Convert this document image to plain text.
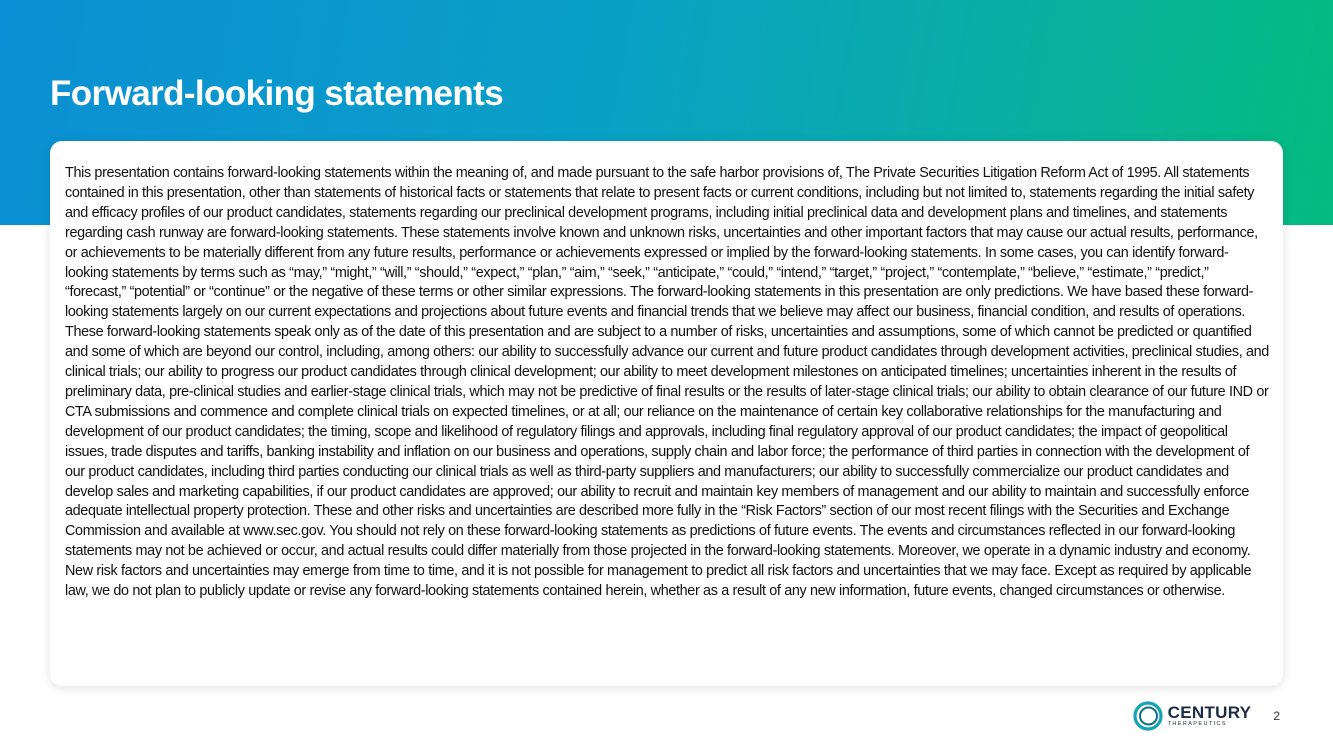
Forward-looking statements

This presentation contains forward-looking statements within the meaning of, and made pursuant to the safe harbor provisions of, The Private Securities Litigation Reform Act of 1995. All statements contained in this presentation, other than statements of historical facts or statements that relate to present facts or current conditions, including but not limited to, statements regarding the initial safety and efficacy profiles of our product candidates, statements regarding our preclinical development programs, including initial preclinical data and development plans and timelines, and statements regarding cash runway are forward-looking statements. These statements involve known and unknown risks, uncertainties and other important factors that may cause our actual results, performance, or achievements to be materially different from any future results, performance or achievements expressed or implied by the forward-looking statements. In some cases, you can identify forward-looking statements by terms such as “may,” “might,” “will,” “should,” “expect,” “plan,” “aim,” “seek,” “anticipate,” “could,” “intend,” “target,” “project,” “contemplate,” “believe,” “estimate,” “predict,” “forecast,” “potential” or “continue” or the negative of these terms or other similar expressions. The forward-looking statements in this presentation are only predictions. We have based these forward-looking statements largely on our current expectations and projections about future events and financial trends that we believe may affect our business, financial condition, and results of operations. These forward-looking statements speak only as of the date of this presentation and are subject to a number of risks, uncertainties and assumptions, some of which cannot be predicted or quantified and some of which are beyond our control, including, among others: our ability to successfully advance our current and future product candidates through development activities, preclinical studies, and clinical trials; our ability to progress our product candidates through clinical development; our ability to meet development milestones on anticipated timelines; uncertainties inherent in the results of preliminary data, pre-clinical studies and earlier-stage clinical trials, which may not be predictive of final results or the results of later-stage clinical trials; our ability to obtain clearance of our future IND or CTA submissions and commence and complete clinical trials on expected timelines, or at all; our reliance on the maintenance of certain key collaborative relationships for the manufacturing and development of our product candidates; the timing, scope and likelihood of regulatory filings and approvals, including final regulatory approval of our product candidates; the impact of geopolitical issues, trade disputes and tariffs, banking instability and inflation on our business and operations, supply chain and labor force; the performance of third parties in connection with the development of our product candidates, including third parties conducting our clinical trials as well as third-party suppliers and manufacturers; our ability to successfully commercialize our product candidates and develop sales and marketing capabilities, if our product candidates are approved; our ability to recruit and maintain key members of management and our ability to maintain and successfully enforce adequate intellectual property protection. These and other risks and uncertainties are described more fully in the “Risk Factors” section of our most recent filings with the Securities and Exchange Commission and available at www.sec.gov. You should not rely on these forward-looking statements as predictions of future events. The events and circumstances reflected in our forward-looking statements may not be achieved or occur, and actual results could differ materially from those projected in the forward-looking statements. Moreover, we operate in a dynamic industry and economy. New risk factors and uncertainties may emerge from time to time, and it is not possible for management to predict all risk factors and uncertainties that we may face. Except as required by applicable law, we do not plan to publicly update or revise any forward-looking statements contained herein, whether as a result of any new information, future events, changed circumstances or otherwise.

CENTURY
THERAPEUTICS
2
